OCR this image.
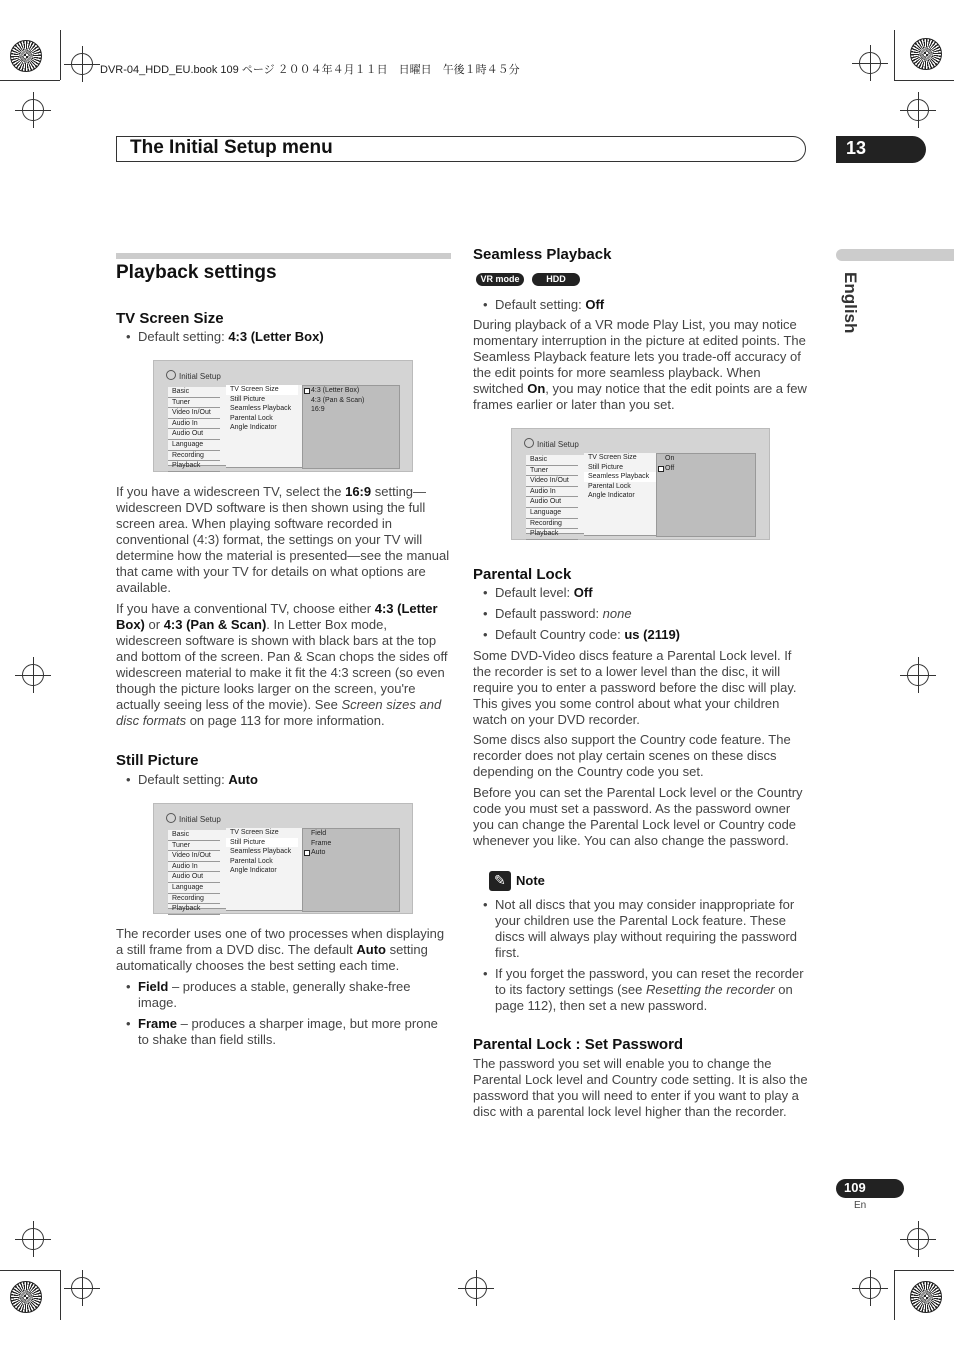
DVR-04_HDD_EU.book 109 ページ ２００４年４月１１日　日曜日　午後１時４５分
The Initial Setup menu	13
English
Playback settings
TV Screen Size
• Default setting: 4:3 (Letter Box)
Initial Setup
Basic
Tuner
Video In/Out
Audio In
Audio Out
Language
Recording
Playback
TV Screen Size
Still Picture
Seamless Playback
Parental Lock
Angle Indicator
4:3 (Letter Box)
4:3 (Pan & Scan)
16:9

If you have a widescreen TV, select the 16:9 setting—widescreen DVD software is then shown using the full screen area. When playing software recorded in conventional (4:3) format, the settings on your TV will determine how the material is presented—see the manual that came with your TV for details on what options are available.

If you have a conventional TV, choose either 4:3 (Letter Box) or 4:3 (Pan & Scan). In Letter Box mode, widescreen software is shown with black bars at the top and bottom of the screen. Pan & Scan chops the sides off widescreen material to make it fit the 4:3 screen (so even though the picture looks larger on the screen, you're actually seeing less of the movie). See Screen sizes and disc formats on page 113 for more information.

Still Picture
• Default setting: Auto
Initial Setup
Basic
Tuner
Video In/Out
Audio In
Audio Out
Language
Recording
Playback
TV Screen Size
Still Picture
Seamless Playback
Parental Lock
Angle Indicator
Field
Frame
Auto

The recorder uses one of two processes when displaying a still frame from a DVD disc. The default Auto setting automatically chooses the best setting each time.

• Field – produces a stable, generally shake-free image.
• Frame – produces a sharper image, but more prone to shake than field stills.
Seamless Playback
VR mode	HDD
• Default setting: Off

During playback of a VR mode Play List, you may notice momentary interruption in the picture at edited points. The Seamless Playback feature lets you trade-off accuracy of the edit points for more seamless playback. When switched On, you may notice that the edit points are a few frames earlier or later than you set.

Initial Setup
Basic
Tuner
Video In/Out
Audio In
Audio Out
Language
Recording
Playback
TV Screen Size
Still Picture
Seamless Playback
Parental Lock
Angle Indicator
On
Off
Parental Lock
• Default level: Off
• Default password: none
• Default Country code: us (2119)

Some DVD-Video discs feature a Parental Lock level. If the recorder is set to a lower level than the disc, it will require you to enter a password before the disc will play. This gives you some control about what your children watch on your DVD recorder.

Some discs also support the Country code feature. The recorder does not play certain scenes on these discs depending on the Country code you set.

Before you can set the Parental Lock level or the Country code you must set a password. As the password owner you can change the Parental Lock level or Country code whenever you like. You can also change the password.

✎
Note
• Not all discs that you may consider inappropriate for your children use the Parental Lock feature. These discs will always play without requiring the password first.
• If you forget the password, you can reset the recorder to its factory settings (see Resetting the recorder on page 112), then set a new password.
Parental Lock : Set Password

The password you set will enable you to change the Parental Lock level and Country code setting. It is also the password that you will need to enter if you want to play a disc with a parental lock level higher than the recorder.

109
En
